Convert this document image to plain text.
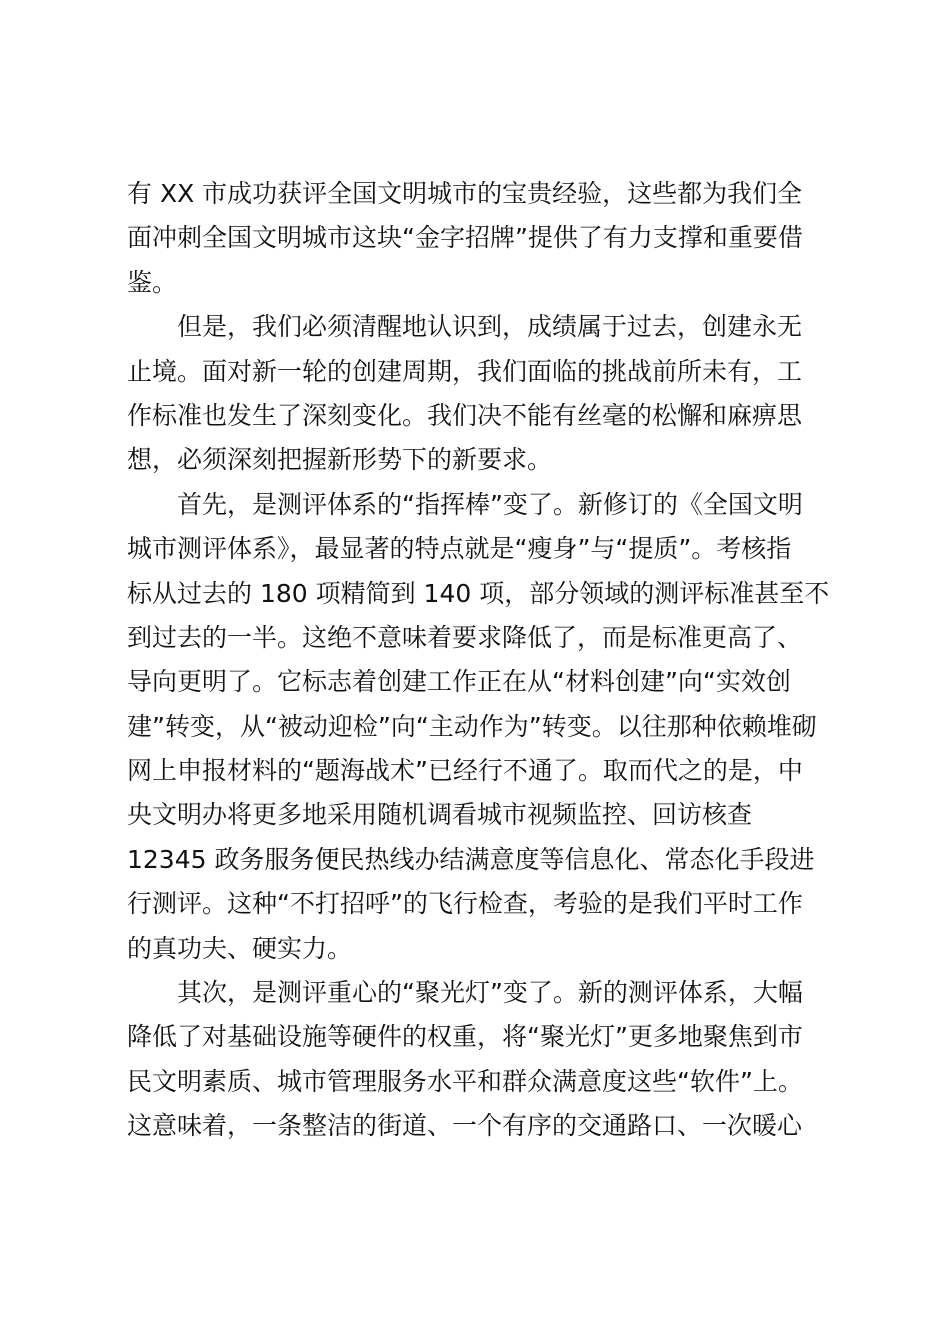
有 XX 市成功获评全国文明城市的宝贵经验，这些都为我们全
面冲刺全国文明城市这块“金字招牌”提供了有力支撑和重要借
鉴。
但是，我们必须清醒地认识到，成绩属于过去，创建永无
止境。面对新一轮的创建周期，我们面临的挑战前所未有，工
作标准也发生了深刻变化。我们决不能有丝毫的松懈和麻痹思
想，必须深刻把握新形势下的新要求。
首先，是测评体系的“指挥棒”变了。新修订的《全国文明
城市测评体系》，最显著的特点就是“瘦身”与“提质”。考核指
标从过去的 180 项精简到 140 项，部分领域的测评标准甚至不
到过去的一半。这绝不意味着要求降低了，而是标准更高了、
导向更明了。它标志着创建工作正在从“材料创建”向“实效创
建”转变，从“被动迎检”向“主动作为”转变。以往那种依赖堆砌
网上申报材料的“题海战术”已经行不通了。取而代之的是，中
央文明办将更多地采用随机调看城市视频监控、回访核查
12345 政务服务便民热线办结满意度等信息化、常态化手段进
行测评。这种“不打招呼”的飞行检查，考验的是我们平时工作
的真功夫、硬实力。
其次，是测评重心的“聚光灯”变了。新的测评体系，大幅
降低了对基础设施等硬件的权重，将“聚光灯”更多地聚焦到市
民文明素质、城市管理服务水平和群众满意度这些“软件”上。
这意味着，一条整洁的街道、一个有序的交通路口、一次暖心
